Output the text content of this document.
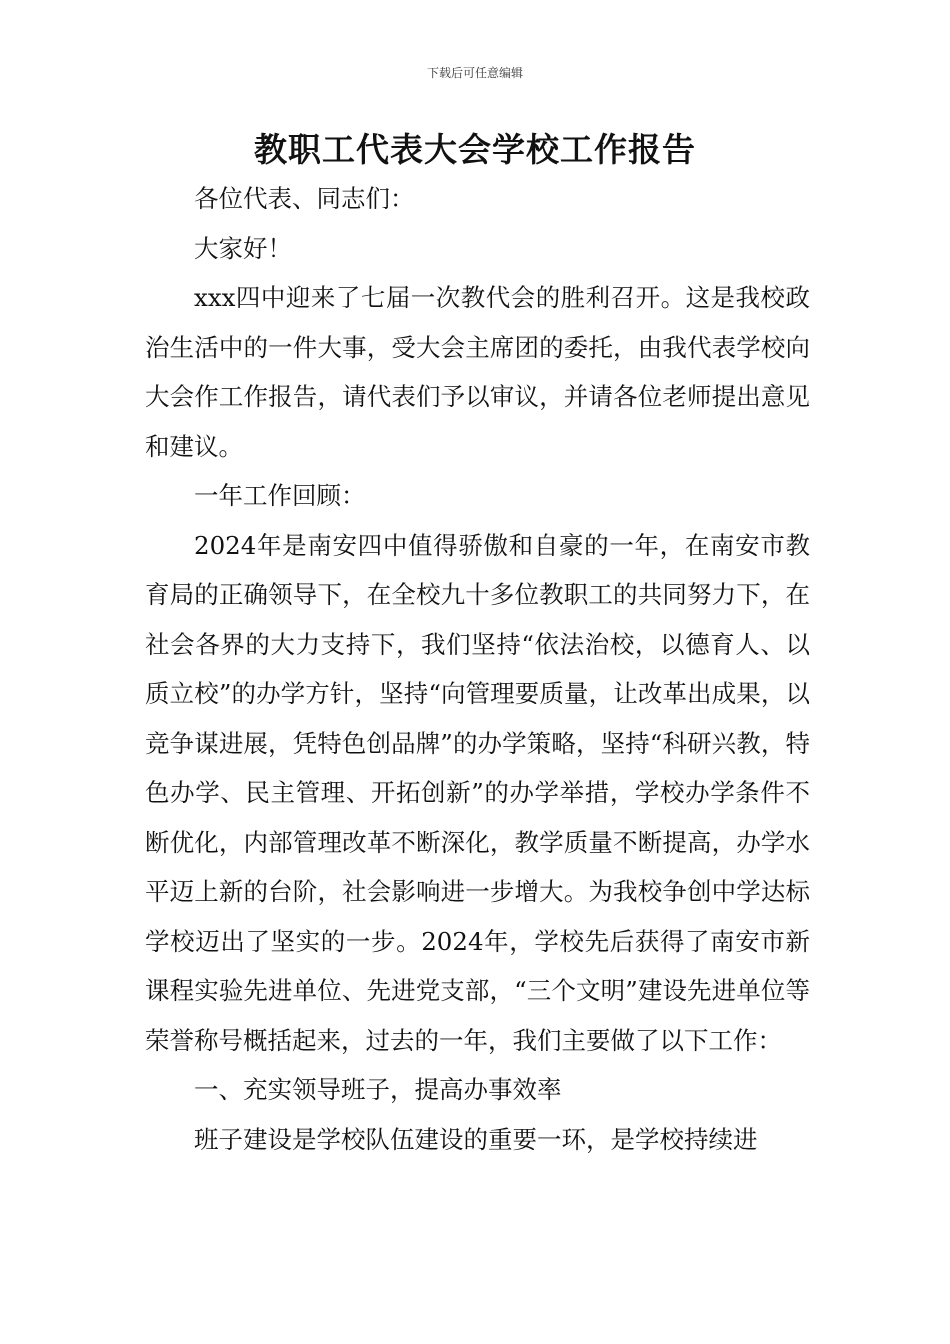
下载后可任意编辑
教职工代表大会学校工作报告

各位代表、同志们：

大家好！

xxx四中迎来了七届一次教代会的胜利召开。这是我校政治生活中的一件大事，受大会主席团的委托，由我代表学校向大会作工作报告，请代表们予以审议，并请各位老师提出意见和建议。

一年工作回顾：

2024年是南安四中值得骄傲和自豪的一年，在南安市教育局的正确领导下，在全校九十多位教职工的共同努力下，在社会各界的大力支持下，我们坚持“依法治校，以德育人、以质立校”的办学方针，坚持“向管理要质量，让改革出成果，以竞争谋进展，凭特色创品牌”的办学策略，坚持“科研兴教，特色办学、民主管理、开拓创新”的办学举措，学校办学条件不断优化，内部管理改革不断深化，教学质量不断提高，办学水平迈上新的台阶，社会影响进一步增大。为我校争创中学达标学校迈出了坚实的一步。2024年，学校先后获得了南安市新课程实验先进单位、先进党支部，“三个文明”建设先进单位等荣誉称号概括起来，过去的一年，我们主要做了以下工作：

一、充实领导班子，提高办事效率

班子建设是学校队伍建设的重要一环，是学校持续进
